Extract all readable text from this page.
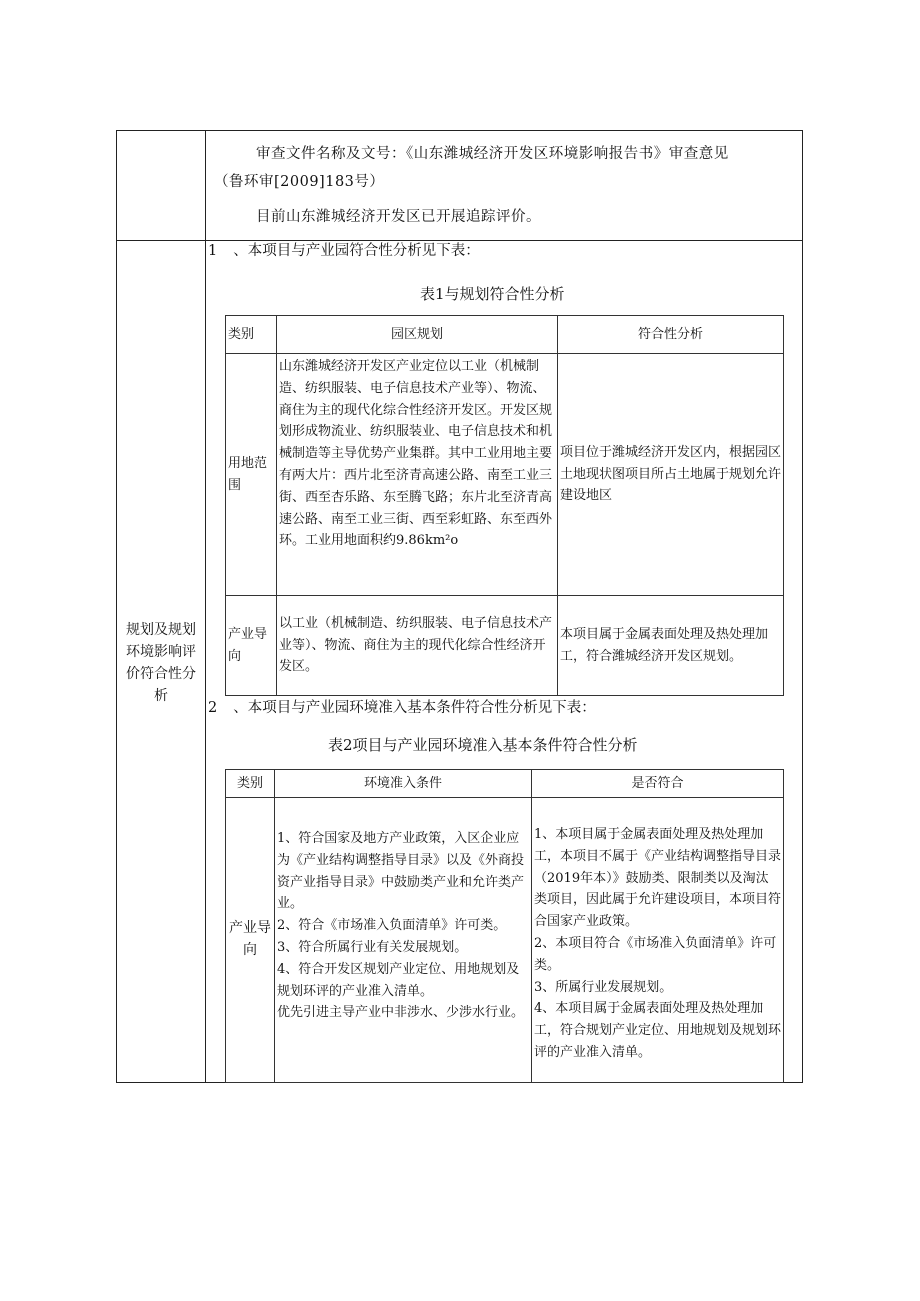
审查文件名称及文号：《山东潍城经济开发区环境影响报告书》审查意见
（鲁环审[2009]183号）
目前山东潍城经济开发区已开展追踪评价。
规划及规划环境影响评价符合性分析
1 、本项目与产业园符合性分析见下表：
表1与规划符合性分析
类别	园区规划	符合性分析
用地范围	山东潍城经济开发区产业定位以工业（机械制造、纺织服装、电子信息技术产业等）、物流、商住为主的现代化综合性经济开发区。开发区规划形成物流业、纺织服装业、电子信息技术和机械制造等主导优势产业集群。其中工业用地主要有两大片：西片北至济青高速公路、南至工业三街、西至杏乐路、东至腾飞路；东片北至济青高速公路、南至工业三街、西至彩虹路、东至西外环。工业用地面积约9.86km²o	项目位于潍城经济开发区内，根据园区土地现状图项目所占土地属于规划允许建设地区
产业导向	以工业（机械制造、纺织服装、电子信息技术产业等）、物流、商住为主的现代化综合性经济开发区。	本项目属于金属表面处理及热处理加工，符合潍城经济开发区规划。
2 、本项目与产业园环境准入基本条件符合性分析见下表：
表2项目与产业园环境准入基本条件符合性分析
类别	环境准入条件	是否符合
产业导向	1、符合国家及地方产业政策，入区企业应为《产业结构调整指导目录》以及《外商投资产业指导目录》中鼓励类产业和允许类产业。
2、符合《市场准入负面清单》许可类。
3、符合所属行业有关发展规划。
4、符合开发区规划产业定位、用地规划及规划环评的产业准入清单。
优先引进主导产业中非涉水、少涉水行业。	1、本项目属于金属表面处理及热处理加工，本项目不属于《产业结构调整指导目录（2019年本）》鼓励类、限制类以及淘汰类项目，因此属于允许建设项目，本项目符合国家产业政策。
2、本项目符合《市场准入负面清单》许可类。
3、所属行业发展规划。
4、本项目属于金属表面处理及热处理加工，符合规划产业定位、用地规划及规划环评的产业准入清单。
